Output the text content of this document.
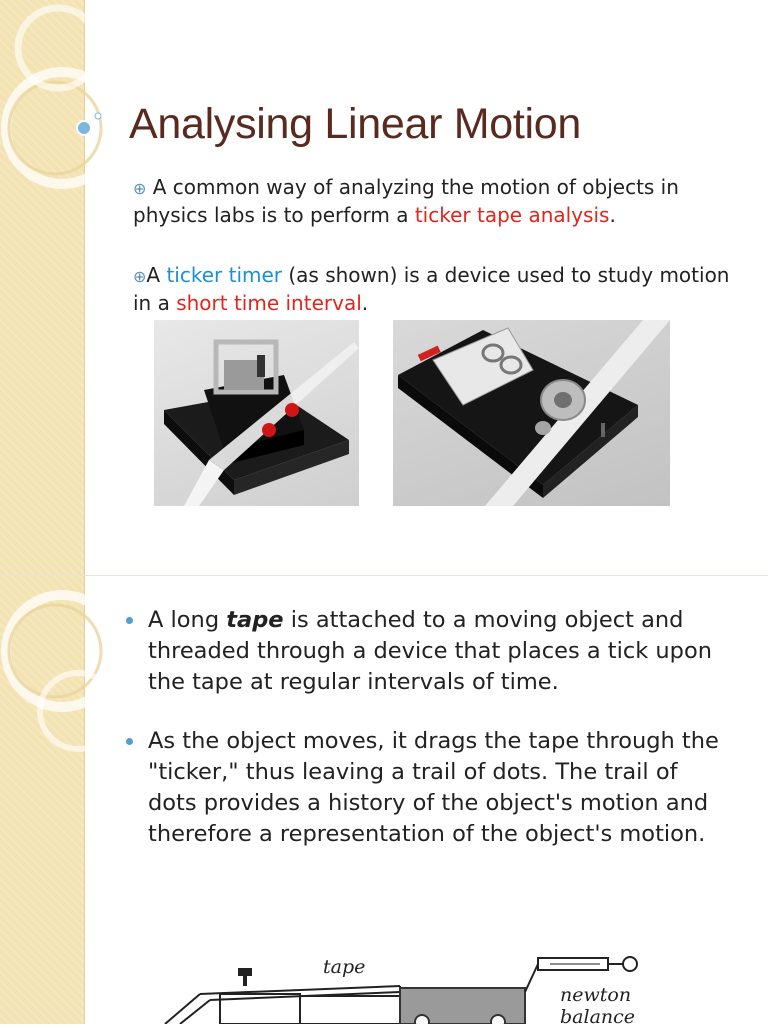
Analysing Linear Motion

⊕ A common way of analyzing the motion of objects in physics labs is to perform a ticker tape analysis.

⊕A ticker timer (as shown) is a device used to study motion in a short time interval.

A long tape is attached to a moving object and threaded through a device that places a tick upon the tape at regular intervals of time.
As the object moves, it drags the tape through the "ticker," thus leaving a trail of dots. The trail of dots provides a history of the object's motion and therefore a representation of the object's motion.
tape
newton
balance
